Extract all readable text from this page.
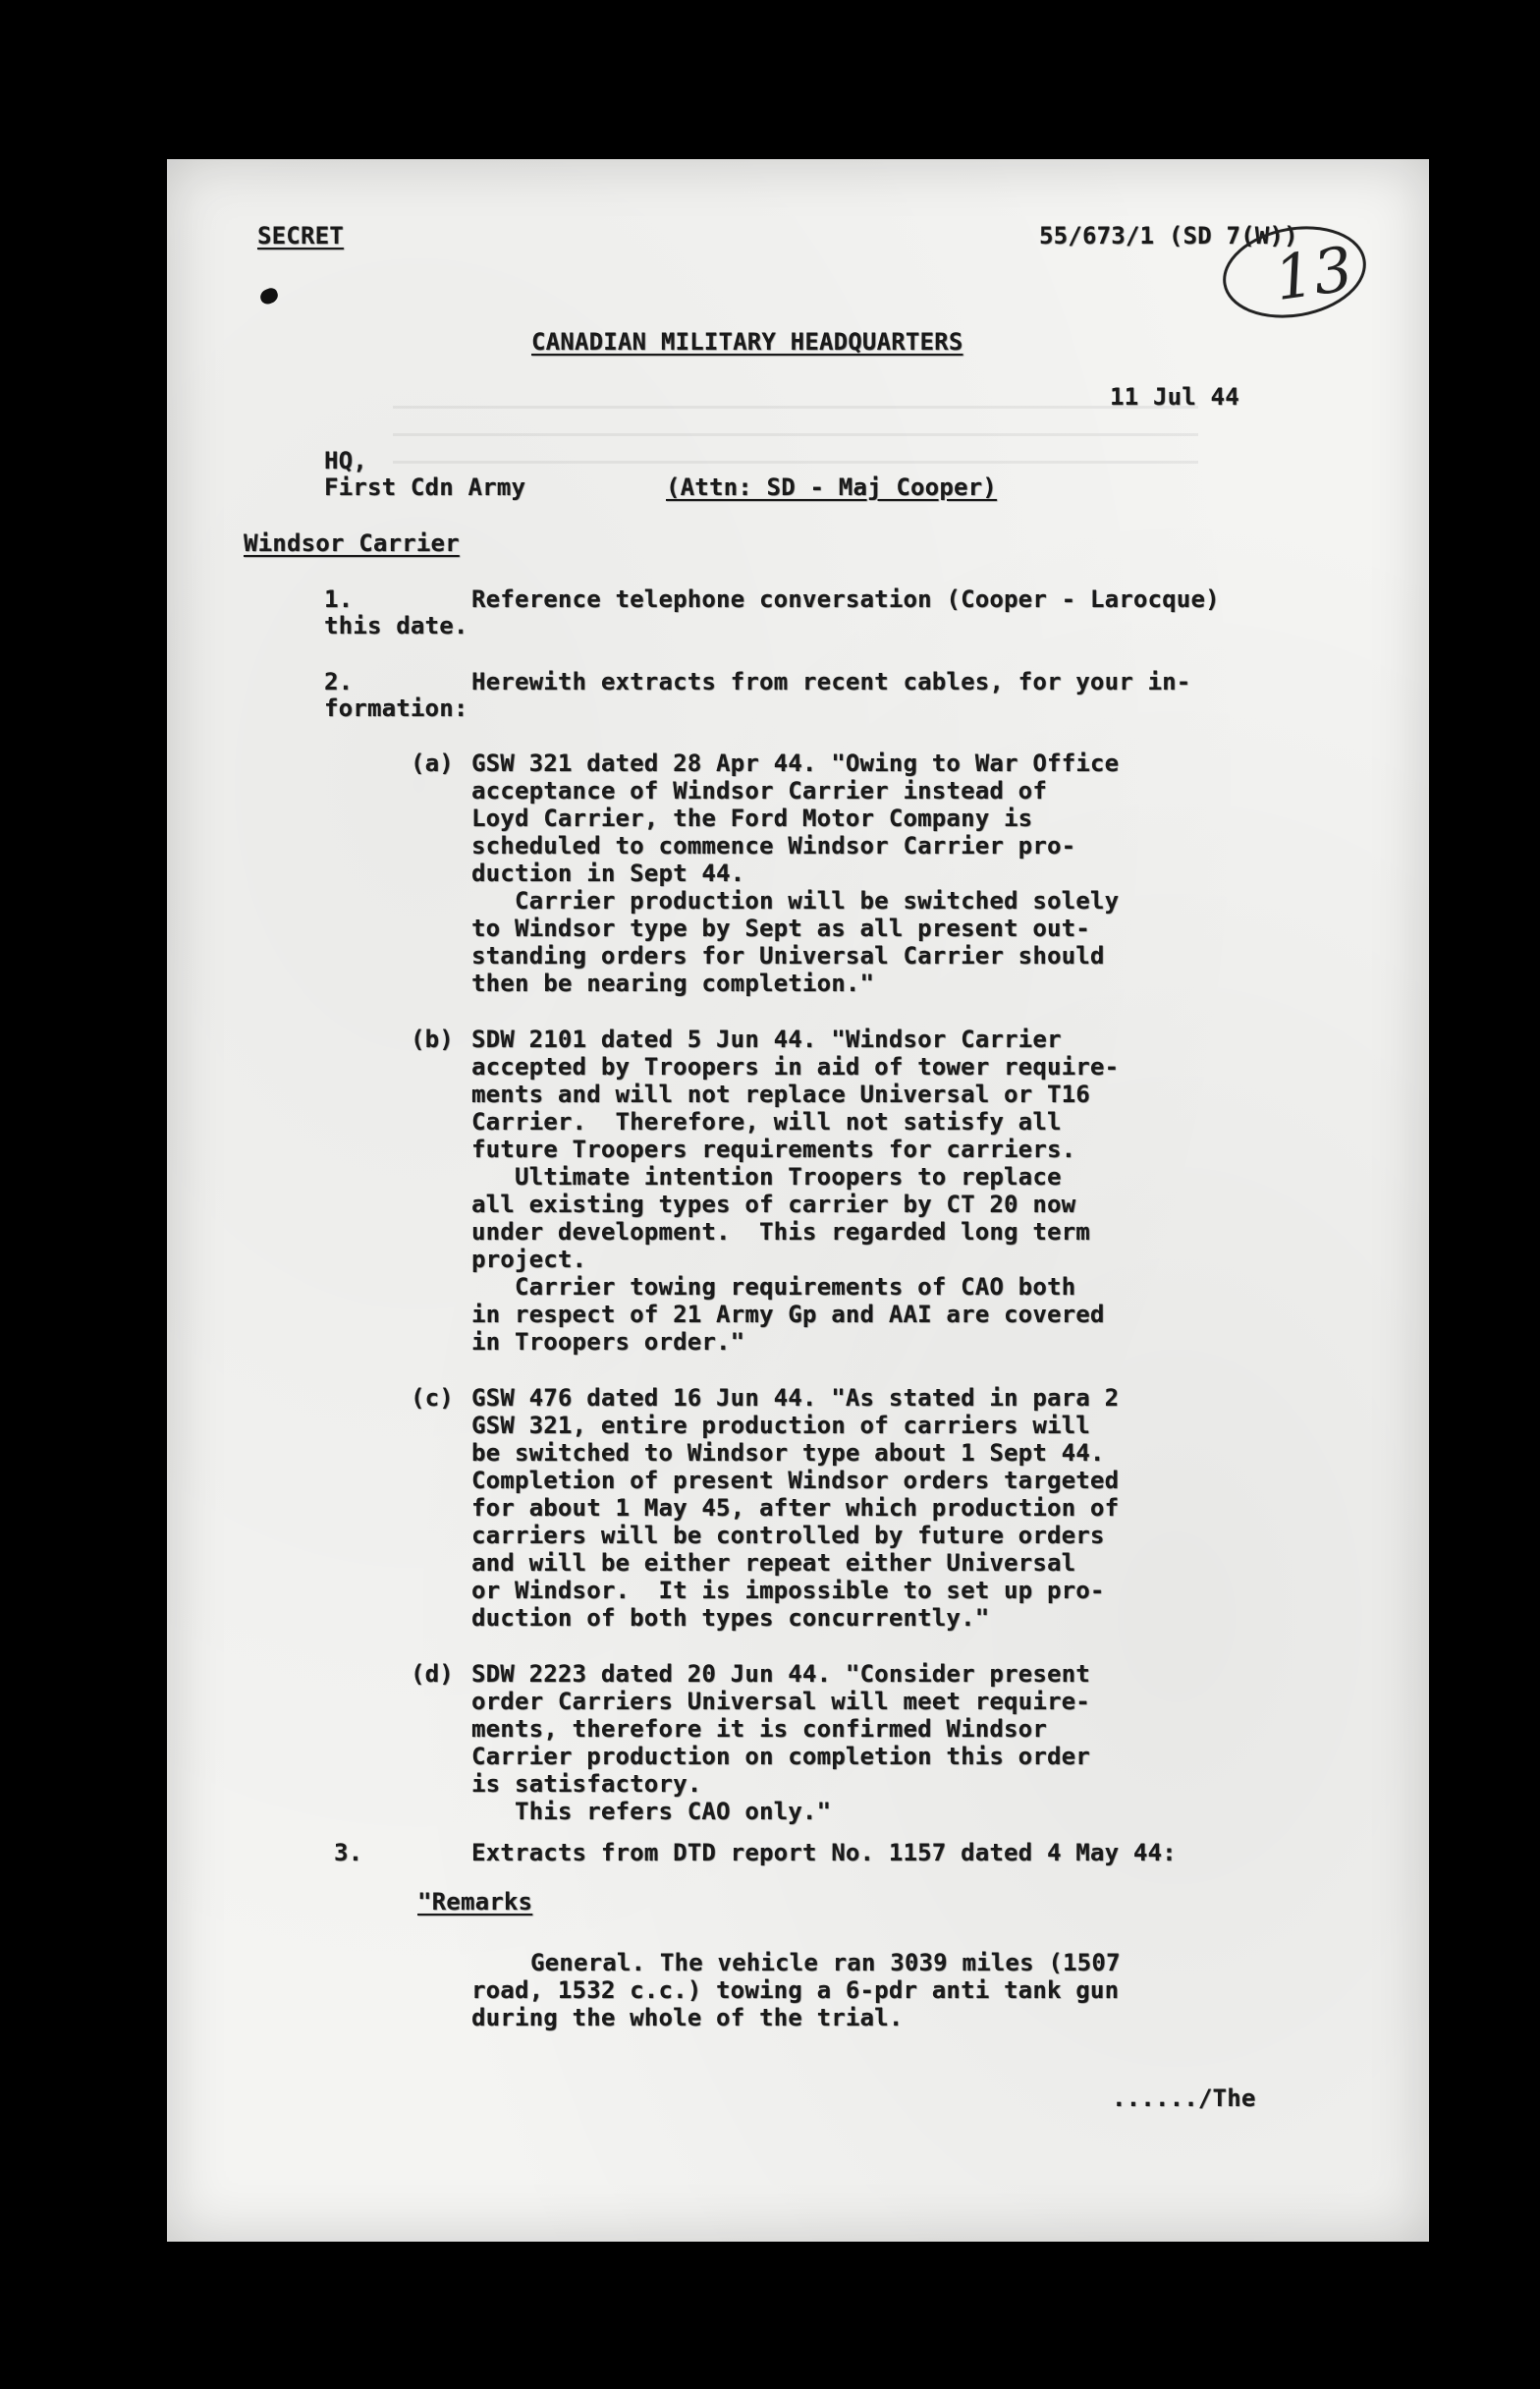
SECRET	55/673/1 (SD 7(W))
13
CANADIAN MILITARY HEADQUARTERS
11 Jul 44
HQ,
First Cdn Army	(Attn: SD - Maj Cooper)
Windsor Carrier
1.	Reference telephone conversation (Cooper - Larocque)
this date.
2.	Herewith extracts from recent cables, for your in-
formation:
(a) GSW 321 dated 28 Apr 44. "Owing to War Office
acceptance of Windsor Carrier instead of
Loyd Carrier, the Ford Motor Company is
scheduled to commence Windsor Carrier pro-
duction in Sept 44.
Carrier production will be switched solely
to Windsor type by Sept as all present out-
standing orders for Universal Carrier should
then be nearing completion."
(b) SDW 2101 dated 5 Jun 44. "Windsor Carrier
accepted by Troopers in aid of tower require-
ments and will not replace Universal or T16
Carrier.  Therefore, will not satisfy all
future Troopers requirements for carriers.
Ultimate intention Troopers to replace
all existing types of carrier by CT 20 now
under development.  This regarded long term
project.
Carrier towing requirements of CAO both
in respect of 21 Army Gp and AAI are covered
in Troopers order."
(c) GSW 476 dated 16 Jun 44. "As stated in para 2
GSW 321, entire production of carriers will
be switched to Windsor type about 1 Sept 44.
Completion of present Windsor orders targeted
for about 1 May 45, after which production of
carriers will be controlled by future orders
and will be either repeat either Universal
or Windsor.  It is impossible to set up pro-
duction of both types concurrently."
(d) SDW 2223 dated 20 Jun 44. "Consider present
order Carriers Universal will meet require-
ments, therefore it is confirmed Windsor
Carrier production on completion this order
is satisfactory.
This refers CAO only."
3.	Extracts from DTD report No. 1157 dated 4 May 44:
"Remarks
General. The vehicle ran 3039 miles (1507
road, 1532 c.c.) towing a 6-pdr anti tank gun
during the whole of the trial.
....../The
